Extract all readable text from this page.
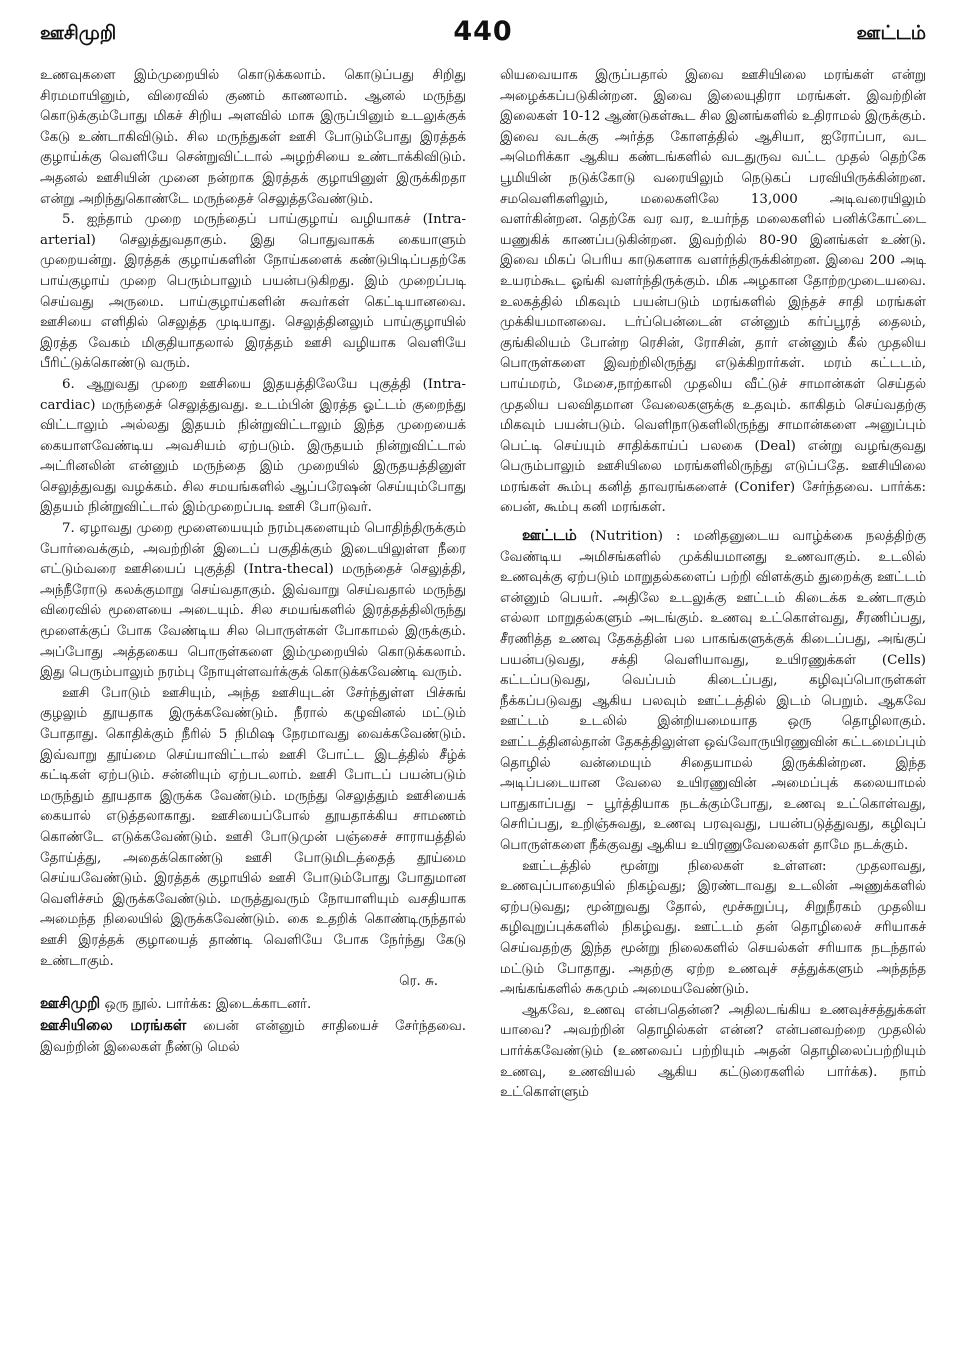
ஊசிமுறி	440	ஊட்டம்

உணவுகளை இம்முறையில் கொடுக்கலாம். கொடுப்பது சிறிது சிரமமாயினும், விரைவில் குணம் காணலாம். ஆனல் மருந்து கொடுக்கும்போது மிகச் சிறிய அளவில் மாசு இருப்பினும் உடலுக்குக் கேடு உண்டாகிவிடும். சில மருந்துகள் ஊசி போடும்போது இரத்தக் குழாய்க்கு வெளியே சென்றுவிட்டால் அழற்சியை உண்டாக்கிவிடும். அதனல் ஊசியின் முனை நன்றாக இரத்தக் குழாயினுள் இருக்கிறதா என்று அறிந்துகொண்டே மருந்தைச் செலுத்தவேண்டும்.

5. ஐந்தாம் முறை மருந்தைப் பாய்குழாய் வழியாகச் (Intra-arterial) செலுத்துவதாகும். இது பொதுவாகக் கையாளும் முறையன்று. இரத்தக் குழாய்களின் நோய்களைக் கண்டுபிடிப்பதற்கே பாய்குழாய் முறை பெரும்பாலும் பயன்படுகிறது. இம் முறைப்படி செய்வது அருமை. பாய்குழாய்களின் சுவர்கள் கெட்டியானவை. ஊசியை எளிதில் செலுத்த முடியாது. செலுத்தினலும் பாய்குழாயில் இரத்த வேகம் மிகுதியாதலால் இரத்தம் ஊசி வழியாக வெளியே பீரிட்டுக்கொண்டு வரும்.

6. ஆறுவது முறை ஊசியை இதயத்திலேயே புகுத்தி (Intra-cardiac) மருந்தைச் செலுத்துவது. உடம்பின் இரத்த ஓட்டம் குறைந்து விட்டாலும் அல்லது இதயம் நின்றுவிட்டாலும் இந்த முறையைக் கையாளவேண்டிய அவசியம் ஏற்படும். இருதயம் நின்றுவிட்டால் அட்ரினலின் என்னும் மருந்தை இம் முறையில் இருதயத்தினுள் செலுத்துவது வழக்கம். சில சமயங்களில் ஆப்பரேஷன் செய்யும்போது இதயம் நின்றுவிட்டால் இம்முறைப்படி ஊசி போடுவர்.

7. ஏழாவது முறை மூளையையும் நரம்புகளையும் பொதிந்திருக்கும் போர்வைக்கும், அவற்றின் இடைப் பகுதிக்கும் இடையிலுள்ள நீரை எட்டும்வரை ஊசியைப் புகுத்தி (Intra-thecal) மருந்தைச் செலுத்தி, அந்நீரோடு கலக்குமாறு செய்வதாகும். இவ்வாறு செய்வதால் மருந்து விரைவில் மூளையை அடையும். சில சமயங்களில் இரத்தத்திலிருந்து மூளைக்குப் போக வேண்டிய சில பொருள்கள் போகாமல் இருக்கும். அப்போது அத்தகைய பொருள்களை இம்முறையில் கொடுக்கலாம். இது பெரும்பாலும் நரம்பு நோயுள்ளவர்க்குக் கொடுக்கவேண்டி வரும்.

ஊசி போடும் ஊசியும், அந்த ஊசியுடன் சேர்ந்துள்ள பிச்சுங் குழலும் தூயதாக இருக்கவேண்டும். நீரால் கழுவினல் மட்டும் போதாது. கொதிக்கும் நீரில் 5 நிமிஷ நேரமாவது வைக்கவேண்டும். இவ்வாறு தூய்மை செய்யாவிட்டால் ஊசி போட்ட இடத்தில் சீழ்க் கட்டிகள் ஏற்படும். சன்னியும் ஏற்படலாம். ஊசி போடப் பயன்படும் மருந்தும் தூயதாக இருக்க வேண்டும். மருந்து செலுத்தும் ஊசியைக் கையால் எடுத்தலாகாது. ஊசியைப்போல் தூயதாக்கிய சாமணம் கொண்டே எடுக்கவேண்டும். ஊசி போடுமுன் பஞ்சைச் சாராயத்தில் தோய்த்து, அதைக்கொண்டு ஊசி போடுமிடத்தைத் தூய்மை செய்யவேண்டும். இரத்தக் குழாயில் ஊசி போடும்போது போதுமான வெளிச்சம் இருக்கவேண்டும். மருத்துவரும் நோயாளியும் வசதியாக அமைந்த நிலையில் இருக்கவேண்டும். கை உதறிக் கொண்டிருந்தால் ஊசி இரத்தக் குழாயைத் தாண்டி வெளியே போக நேர்ந்து கேடு உண்டாகும்.

ரெ. சு.

ஊசிமுறி ஒரு நூல். பார்க்க: இடைக்காடனர்.

ஊசியிலை மரங்கள் பைன் என்னும் சாதியைச் சேர்ந்தவை. இவற்றின் இலைகள் நீண்டு மெல்

லியவையாக இருப்பதால் இவை ஊசியிலை மரங்கள் என்று அழைக்கப்படுகின்றன. இவை இலையுதிரா மரங்கள். இவற்றின் இலைகள் 10-12 ஆண்டுகள்கூட சில இனங்களில் உதிராமல் இருக்கும். இவை வடக்கு அர்த்த கோளத்தில் ஆசியா, ஐரோப்பா, வட அமெரிக்கா ஆகிய கண்டங்களில் வடதுருவ வட்ட முதல் தெற்கே பூமியின் நடுக்கோடு வரையிலும் நெடுகப் பரவியிருக்கின்றன. சமவெளிகளிலும், மலைகளிலே 13,000 அடிவரையிலும் வளர்கின்றன. தெற்கே வர வர, உயர்ந்த மலைகளில் பனிக்கோட்டை யணுகிக் காணப்படுகின்றன. இவற்றில் 80-90 இனங்கள் உண்டு. இவை மிகப் பெரிய காடுகளாக வளர்ந்திருக்கின்றன. இவை 200 அடி உயரம்கூட ஓங்கி வளர்ந்திருக்கும். மிக அழகான தோற்றமுடையவை. உலகத்தில் மிகவும் பயன்படும் மரங்களில் இந்தச் சாதி மரங்கள் முக்கியமானவை. டர்ப்பென்டைன் என்னும் கர்ப்பூரத் தைலம், குங்கிலியம் போன்ற ரெசின், ரோசின், தார் என்னும் கீல் முதலிய பொருள்களை இவற்றிலிருந்து எடுக்கிறார்கள். மரம் கட்டடம், பாய்மரம், மேசை,நாற்காலி முதலிய வீட்டுச் சாமான்கள் செய்தல் முதலிய பலவிதமான வேலைகளுக்கு உதவும். காகிதம் செய்வதற்கு மிகவும் பயன்படும். வெளிநாடுகளிலிருந்து சாமான்களை அனுப்பும் பெட்டி செய்யும் சாதிக்காய்ப் பலகை (Deal) என்று வழங்குவது பெரும்பாலும் ஊசியிலை மரங்களிலிருந்து எடுப்பதே. ஊசியிலை மரங்கள் கூம்பு கனித் தாவரங்களைச் (Conifer) சேர்ந்தவை. பார்க்க: பைன், கூம்பு கனி மரங்கள்.

ஊட்டம் (Nutrition) : மனிதனுடைய வாழ்க்கை நலத்திற்கு வேண்டிய அமிசங்களில் முக்கியமானது உணவாகும். உடலில் உணவுக்கு ஏற்படும் மாறுதல்களைப் பற்றி விளக்கும் துறைக்கு ஊட்டம் என்னும் பெயர். அதிலே உடலுக்கு ஊட்டம் கிடைக்க உண்டாகும் எல்லா மாறுதல்களும் அடங்கும். உணவு உட்கொள்வது, சீரணிப்பது, சீரணித்த உணவு தேகத்தின் பல பாகங்களுக்குக் கிடைப்பது, அங்குப் பயன்படுவது, சக்தி வெளியாவது, உயிரணுக்கள் (Cells) கட்டப்படுவது, வெப்பம் கிடைப்பது, கழிவுப்பொருள்கள் நீக்கப்படுவது ஆகிய பலவும் ஊட்டத்தில் இடம் பெறும். ஆகவே ஊட்டம் உடலில் இன்றியமையாத ஒரு தொழிலாகும். ஊட்டத்தினல்தான் தேகத்திலுள்ள ஒவ்வோருயிரணுவின் கட்டமைப்பும் தொழில் வன்மையும் சிதையாமல் இருக்கின்றன. இந்த அடிப்படையான வேலை உயிரணுவின் அமைப்புக் கலையாமல் பாதுகாப்பது – பூர்த்தியாக நடக்கும்போது, உணவு உட்கொள்வது, செரிப்பது, உறிஞ்சுவது, உணவு பரவுவது, பயன்படுத்துவது, கழிவுப் பொருள்களை நீக்குவது ஆகிய உயிரணுவேலைகள் தாமே நடக்கும்.

ஊட்டத்தில் மூன்று நிலைகள் உள்ளன: முதலாவது, உணவுப்பாதையில் நிகழ்வது; இரண்டாவது உடலின் அணுக்களில் ஏற்படுவது; மூன்றுவது தோல், மூச்சுறுப்பு, சிறுநீரகம் முதலிய கழிவுறுப்புக்களில் நிகழ்வது. ஊட்டம் தன் தொழிலைச் சரியாகச் செய்வதற்கு இந்த மூன்று நிலைகளில் செயல்கள் சரியாக நடந்தால் மட்டும் போதாது. அதற்கு ஏற்ற உணவுச் சத்துக்களும் அந்தந்த அங்கங்களில் சுகமும் அமையவேண்டும்.

ஆகவே, உணவு என்பதென்ன? அதிலடங்கிய உணவுச்சத்துக்கள் யாவை? அவற்றின் தொழில்கள் என்ன? என்பனவற்றை முதலில் பார்க்கவேண்டும் (உணவைப் பற்றியும் அதன் தொழிலைப்பற்றியும் உணவு, உணவியல் ஆகிய கட்டுரைகளில் பார்க்க). நாம் உட்கொள்ளும்
